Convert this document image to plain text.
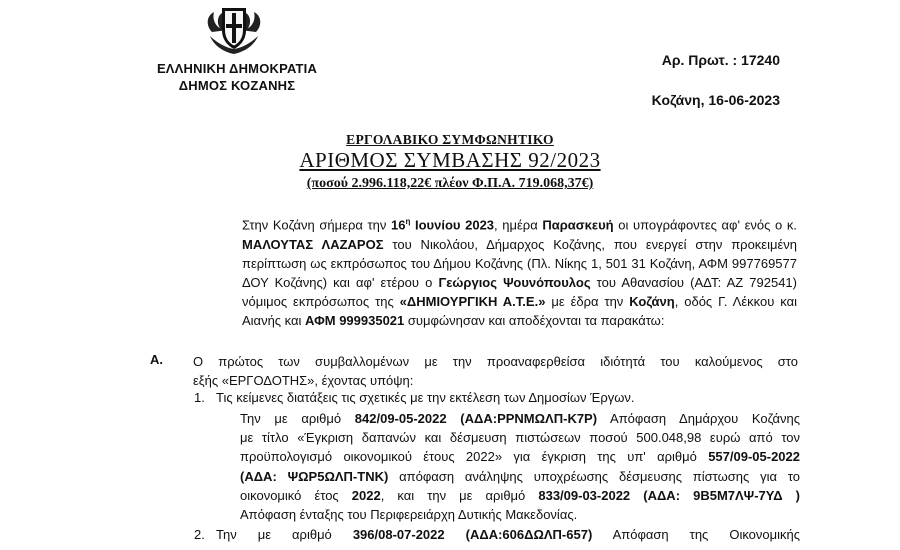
ΕΛΛΗΝΙΚΗ ΔΗΜΟΚΡΑΤΙΑ
ΔΗΜΟΣ ΚΟΖΑΝΗΣ
Αρ. Πρωτ. : 17240
Κοζάνη, 16-06-2023
ΕΡΓΟΛΑΒΙΚΟ ΣΥΜΦΩΝΗΤΙΚΟ
ΑΡΙΘΜΟΣ ΣΥΜΒΑΣΗΣ 92/2023
(ποσού 2.996.118,22€ πλέον Φ.Π.Α. 719.068,37€)
Στην Κοζάνη σήμερα την $16^\eta$ Ιουνίου 2023, ημέρα Παρασκευή οι υπογράφοντες αφ' ενός ο κ.
ΜΑΛΟΥΤΑΣ ΛΑΖΑΡΟΣ του Νικολάου, Δήμαρχος Κοζάνης, που ενεργεί στην προκειμένη
περίπτωση ως εκπρόσωπος του Δήμου Κοζάνης (Πλ. Νίκης 1, 501 31 Κοζάνη, ΑΦΜ 997769577
ΔΟΥ Κοζάνης) και αφ' ετέρου ο Γεώργιος Ψουνόπουλος του Αθανασίου (ΑΔΤ: ΑΖ 792541)
νόμιμος εκπρόσωπος της «ΔΗΜΙΟΥΡΓΙΚΗ Α.Τ.Ε.» με έδρα την Κοζάνη, οδός Γ. Λέκκου και
Αιανής και ΑΦΜ 999935021 συμφώνησαν και αποδέχονται τα παρακάτω:
Α. Ο πρώτος των συμβαλλομένων με την προαναφερθείσα ιδιότητά του καλούμενος στο
εξής «ΕΡΓΟΔΟΤΗΣ», έχοντας υπόψη:
1. Τις κείμενες διατάξεις τις σχετικές με την εκτέλεση των Δημοσίων Έργων.
Την με αριθμό 842/09-05-2022 (ΑΔΑ:ΡΡΝΜΩΛΠ-Κ7Ρ) Απόφαση Δημάρχου Κοζάνης
με τίτλο «Έγκριση δαπανών και δέσμευση πιστώσεων ποσού 500.048,98 ευρώ από τον
προϋπολογισμό οικονομικού έτους 2022» για έγκριση της υπ' αριθμό 557/09-05-2022
(ΑΔΑ: ΨΩΡ5ΩΛΠ-ΤΝΚ) απόφαση ανάληψης υποχρέωσης δέσμευσης πίστωσης για το
οικονομικό έτος 2022, και την με αριθμό 833/09-03-2022 (ΑΔΑ: 9Β5Μ7ΛΨ-7ΥΔ )
Απόφαση ένταξης του Περιφερειάρχη Δυτικής Μακεδονίας.
2. Την με αριθμό 396/08-07-2022 (ΑΔΑ:606ΔΩΛΠ-657) Απόφαση της Οικονομικής
